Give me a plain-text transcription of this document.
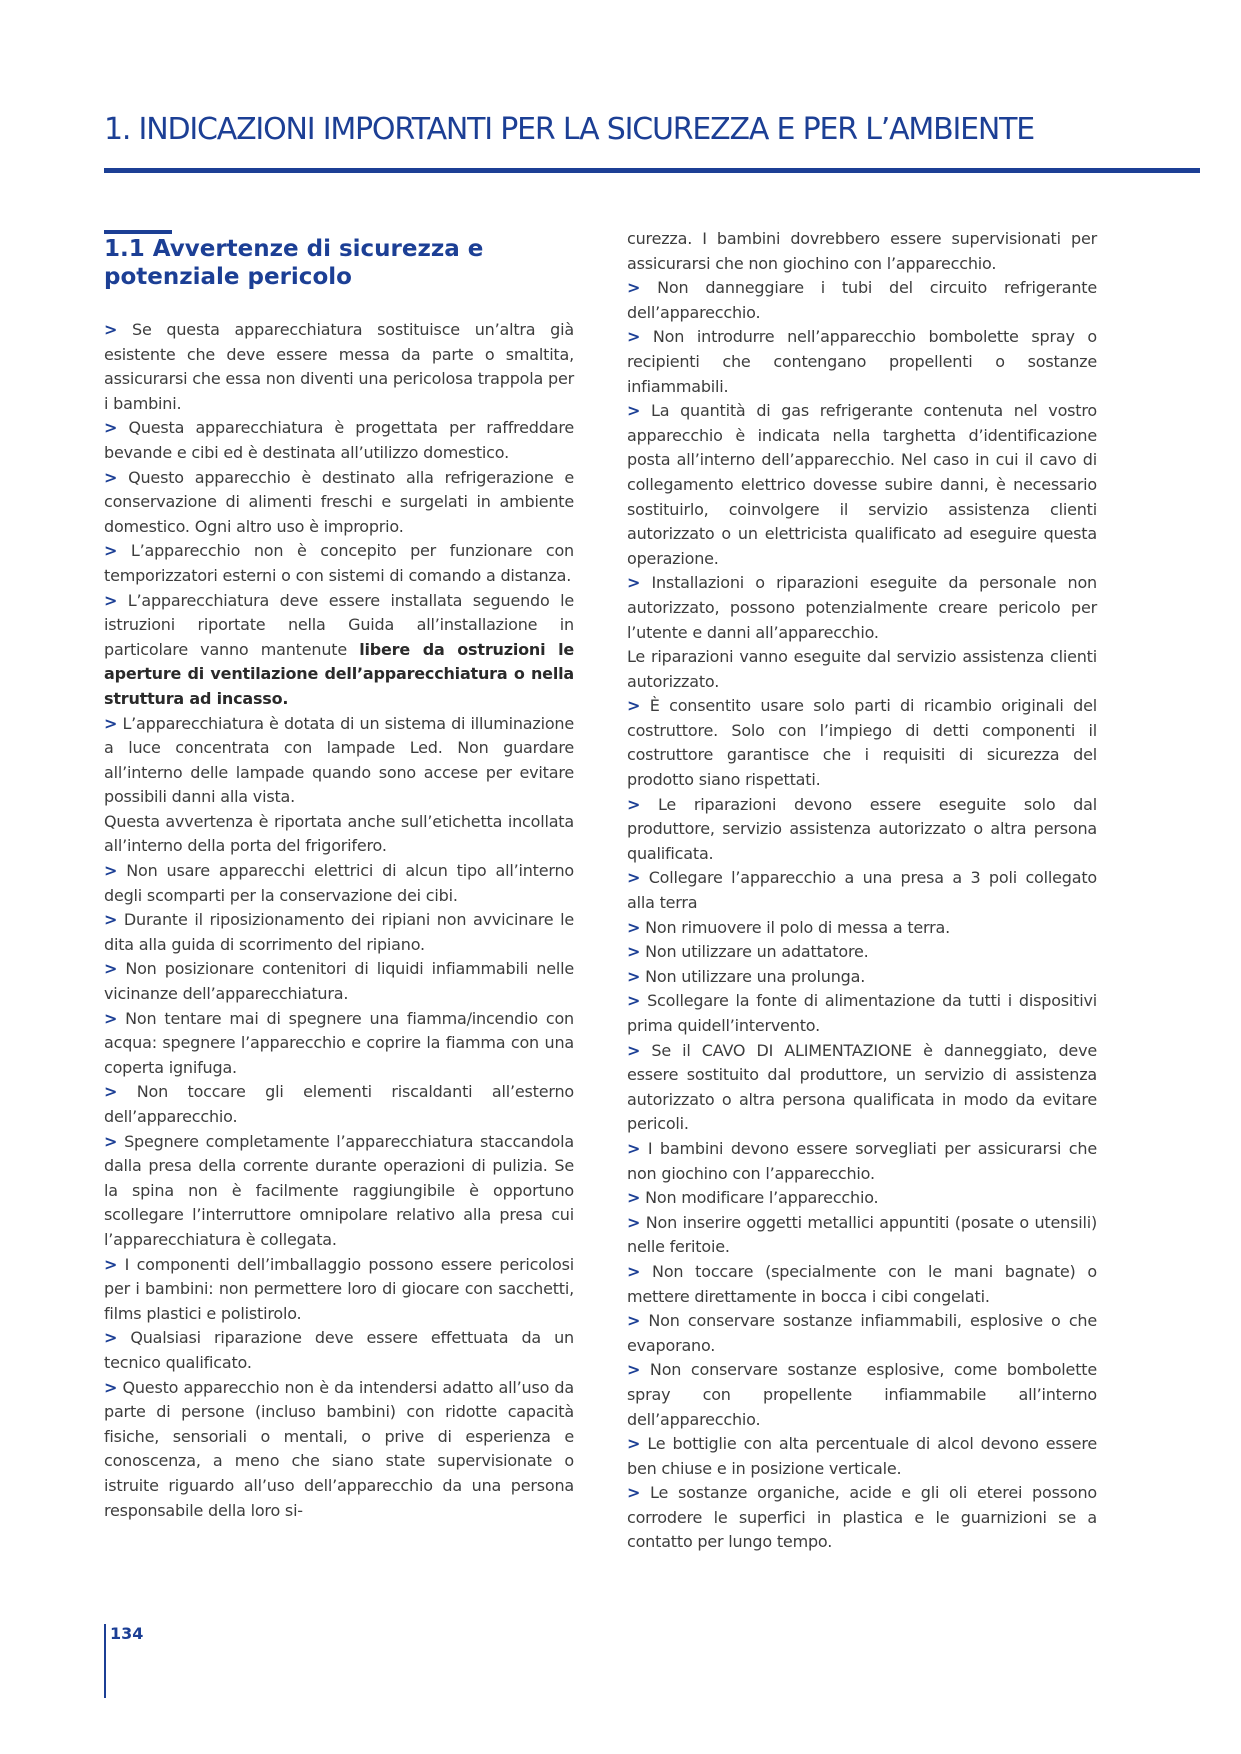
1. INDICAZIONI IMPORTANTI PER LA SICUREZZA E PER L’AMBIENTE
1.1 Avvertenze di sicurezza e potenziale pericolo

> Se questa apparecchiatura sostituisce un’altra già esistente che deve essere messa da parte o smaltita, assicurarsi che essa non diventi una pericolosa trappola per i bambini.

> Questa apparecchiatura è progettata per raffreddare bevande e cibi ed è destinata all’utilizzo domestico.

> Questo apparecchio è destinato alla refrigerazione e conservazione di alimenti freschi e surgelati in ambiente domestico. Ogni altro uso è improprio.

> L’apparecchio non è concepito per funzionare con temporizzatori esterni o con sistemi di comando a distanza.

> L’apparecchiatura deve essere installata seguendo le istruzioni riportate nella Guida all’installazione in particolare vanno mantenute libere da ostruzioni le aperture di ventilazione dell’apparecchiatura o nella struttura ad incasso.

> L’apparecchiatura è dotata di un sistema di illuminazione a luce concentrata con lampade Led. Non guardare all’interno delle lampade quando sono accese per evitare possibili danni alla vista.

Questa avvertenza è riportata anche sull’etichetta incollata all’interno della porta del frigorifero.

> Non usare apparecchi elettrici di alcun tipo all’interno degli scomparti per la conservazione dei cibi.

> Durante il riposizionamento dei ripiani non avvicinare le dita alla guida di scorrimento del ripiano.

> Non posizionare contenitori di liquidi infiammabili nelle vicinanze dell’apparecchiatura.

> Non tentare mai di spegnere una fiamma/incendio con acqua: spegnere l’apparecchio e coprire la fiamma con una coperta ignifuga.

> Non toccare gli elementi riscaldanti all’esterno dell’apparecchio.

> Spegnere completamente l’apparecchiatura staccandola dalla presa della corrente durante operazioni di pulizia. Se la spina non è facilmente raggiungibile è opportuno scollegare l’interruttore omnipolare relativo alla presa cui l’apparecchiatura è collegata.

> I componenti dell’imballaggio possono essere pericolosi per i bambini: non permettere loro di giocare con sacchetti, films plastici e polistirolo.

> Qualsiasi riparazione deve essere effettuata da un tecnico qualificato.

> Questo apparecchio non è da intendersi adatto all’uso da parte di persone (incluso bambini) con ridotte capacità fisiche, sensoriali o mentali, o prive di esperienza e conoscenza, a meno che siano state supervisionate o istruite riguardo all’uso dell’apparecchio da una persona responsabile della loro si-

curezza. I bambini dovrebbero essere supervisionati per assicurarsi che non giochino con l’apparecchio.

> Non danneggiare i tubi del circuito refrigerante dell’apparecchio.

> Non introdurre nell’apparecchio bombolette spray o recipienti che contengano propellenti o sostanze infiammabili.

> La quantità di gas refrigerante contenuta nel vostro apparecchio è indicata nella targhetta d’identificazione posta all’interno dell’apparecchio. Nel caso in cui il cavo di collegamento elettrico dovesse subire danni, è necessario sostituirlo, coinvolgere il servizio assistenza clienti autorizzato o un elettricista qualificato ad eseguire questa operazione.

> Installazioni o riparazioni eseguite da personale non autorizzato, possono potenzialmente creare pericolo per l’utente e danni all’apparecchio.

Le riparazioni vanno eseguite dal servizio assistenza clienti autorizzato.

> È consentito usare solo parti di ricambio originali del costruttore. Solo con l’impiego di detti componenti il costruttore garantisce che i requisiti di sicurezza del prodotto siano rispettati.

> Le riparazioni devono essere eseguite solo dal produttore, servizio assistenza autorizzato o altra persona qualificata.

> Collegare l’apparecchio a una presa a 3 poli collegato alla terra

> Non rimuovere il polo di messa a terra.

> Non utilizzare un adattatore.

> Non utilizzare una prolunga.

> Scollegare la fonte di alimentazione da tutti i dispositivi prima quidell’intervento.

> Se il CAVO DI ALIMENTAZIONE è danneggiato, deve essere sostituito dal produttore, un servizio di assistenza autorizzato o altra persona qualificata in modo da evitare pericoli.

> I bambini devono essere sorvegliati per assicurarsi che non giochino con l’apparecchio.

> Non modificare l’apparecchio.

> Non inserire oggetti metallici appuntiti (posate o utensili) nelle feritoie.

> Non toccare (specialmente con le mani bagnate) o mettere direttamente in bocca i cibi congelati.

> Non conservare sostanze infiammabili, esplosive o che evaporano.

> Non conservare sostanze esplosive, come bombolette spray con propellente infiammabile all’interno dell’apparecchio.

> Le bottiglie con alta percentuale di alcol devono essere ben chiuse e in posizione verticale.

> Le sostanze organiche, acide e gli oli eterei possono corrodere le superfici in plastica e le guarnizioni se a contatto per lungo tempo.

134
